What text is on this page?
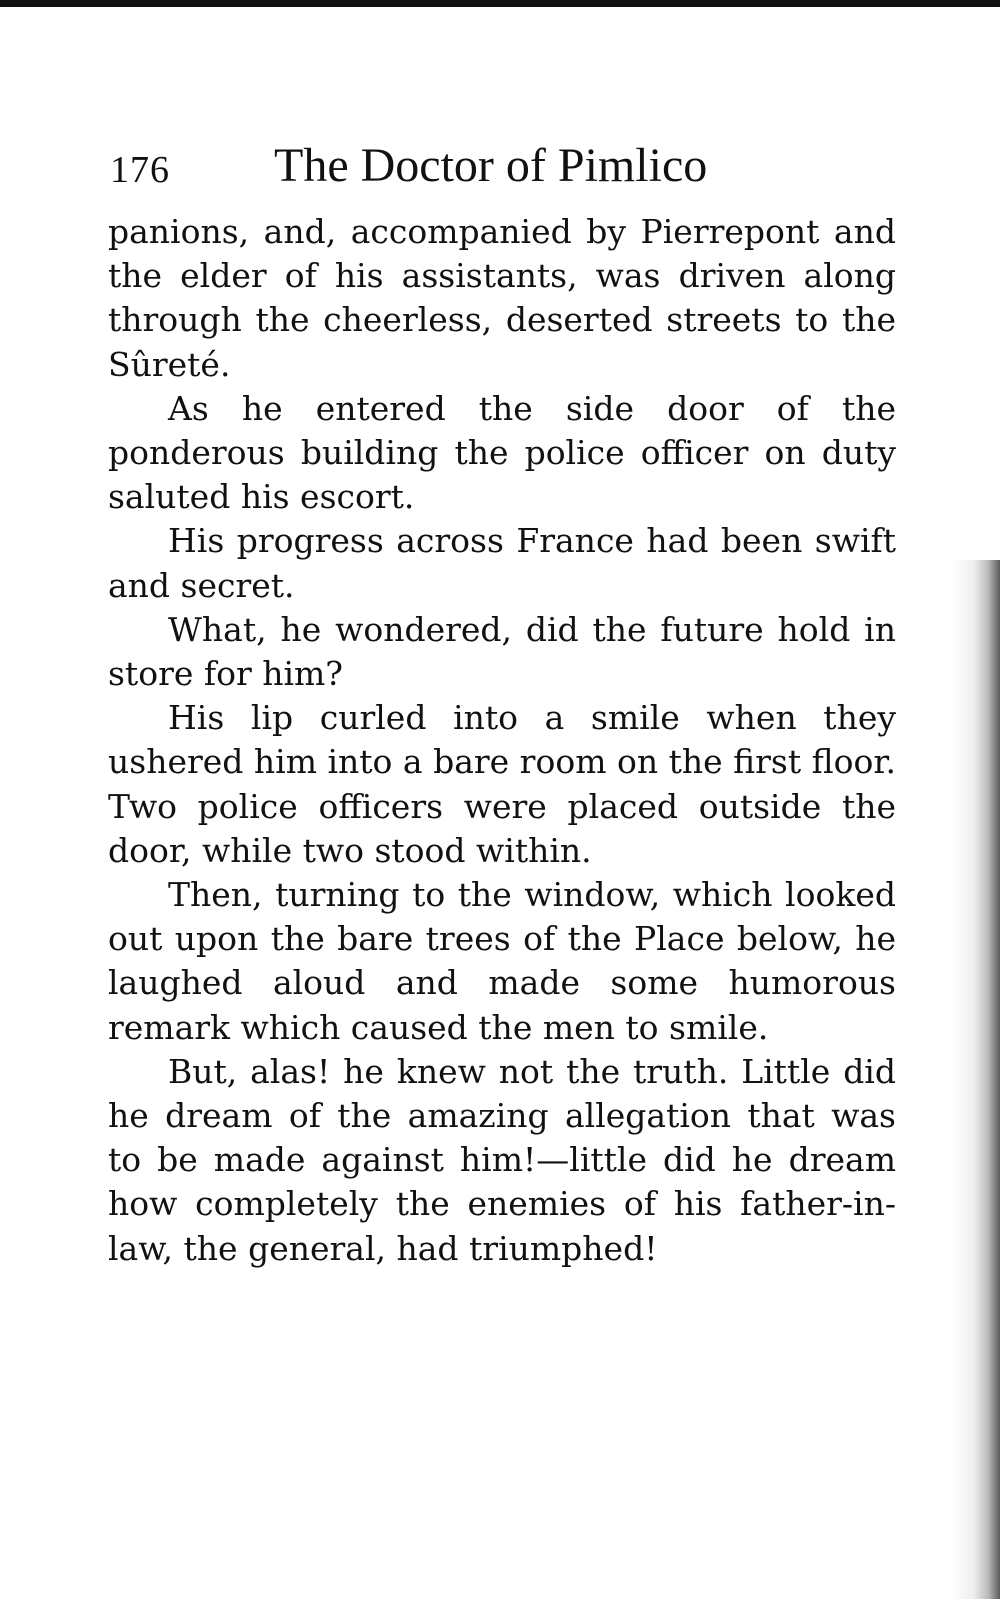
176 The Doctor of Pimlico

panions, and, accompanied by Pierrepont and the elder of his assistants, was driven along through the cheerless, deserted streets to the Sûreté.

As he entered the side door of the ponderous building the police officer on duty saluted his escort.

His progress across France had been swift and secret.

What, he wondered, did the future hold in store for him?

His lip curled into a smile when they ushered him into a bare room on the first floor. Two police officers were placed outside the door, while two stood within.

Then, turning to the window, which looked out upon the bare trees of the Place below, he laughed aloud and made some humorous remark which caused the men to smile.

But, alas! he knew not the truth. Little did he dream of the amazing allegation that was to be made against him!—little did he dream how completely the enemies of his father-in-law, the general, had triumphed!
